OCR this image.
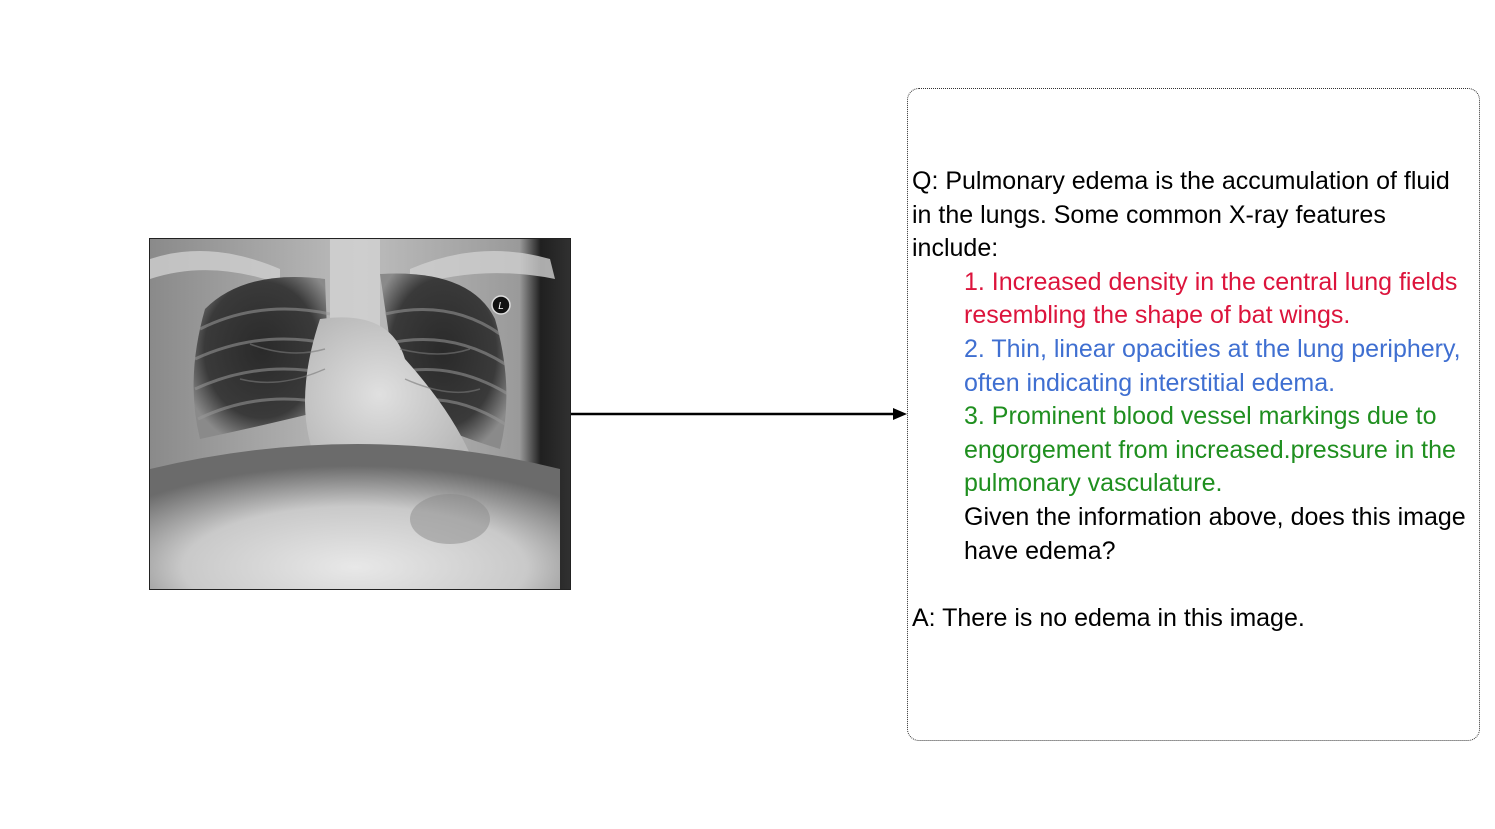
L

Q: Pulmonary edema is the accumulation of fluid in the lungs. Some common X-ray features include:

1. Increased density in the central lung fields resembling the shape of bat wings.

2. Thin, linear opacities at the lung periphery, often indicating interstitial edema.

3. Prominent blood vessel markings due to engorgement from increased.pressure in the pulmonary vasculature.

Given the information above, does this image have edema?

A: There is no edema in this image.
